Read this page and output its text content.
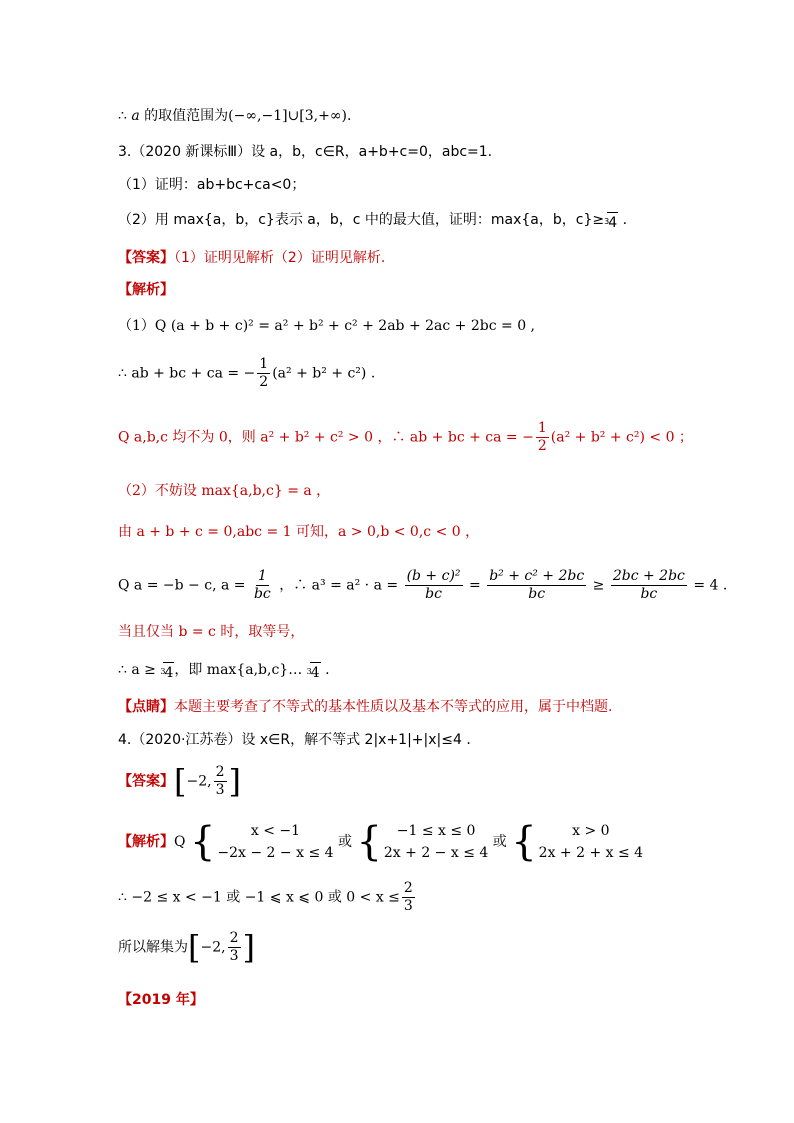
∴ a 的取值范围为(−∞,−1]∪[3,+∞).
3.（2020 新课标Ⅲ）设 a，b，c∈R，a+b+c=0，abc=1.
（1）证明：ab+bc+ca<0；
（2）用 max{a，b，c}表示 a，b，c 中的最大值，证明：max{a，b，c}≥ 3 4 .
【答案】（1）证明见解析（2）证明见解析.
【解析】
（1）Q (a + b + c)² = a² + b² + c² + 2ab + 2ac + 2bc = 0 ,
∴ ab + bc + ca = − $\frac{1}{2} (a^2 + b^2 + c^2)$ .
Q a,b,c 均不为 0，则 a² + b² + c² > 0 ，∴ ab + bc + ca = − $\frac{1}{2} (a^2 + b^2 + c^2) < 0$ ；
（2）不妨设 max{a,b,c} = a ，
由 a + b + c = 0,abc = 1 可知，a > 0,b < 0,c < 0 ，
Q a = −b − c, $a = \frac{1}{bc}$ ，∴ $a^3 = a^2 \cdot a = \frac{\text{(b + c)²}}{bc} = \frac{\text{b² + c² + 2bc}}{bc} \ge \frac{2bc + 2bc}{bc} = 4$ .
当且仅当 b = c 时，取等号，
∴ a ≥ 3 4 ，即 max{a,b,c}… 3 4 .
【点睛】本题主要考查了不等式的基本性质以及基本不等式的应用，属于中档题.
4.（2020·江苏卷）设 x∈R，解不等式 2|x+1|+|x|≤4 .
【答案】[−2, $\frac{2}{3}$ ]
【解析】Q {	x < −1
−2x − 2 − x ≤ 4
或 {	−1 ≤ x ≤ 0
2x + 2 − x ≤ 4
或 {	x > 0
2x + 2 + x ≤ 4
∴ −2 ≤ x < −1 或 −1 ⩽ x ⩽ 0 或 $0 < x \le \frac{2}{3}$
所以解集为[−2, $\frac{2}{3}$ ]
【2019 年】
